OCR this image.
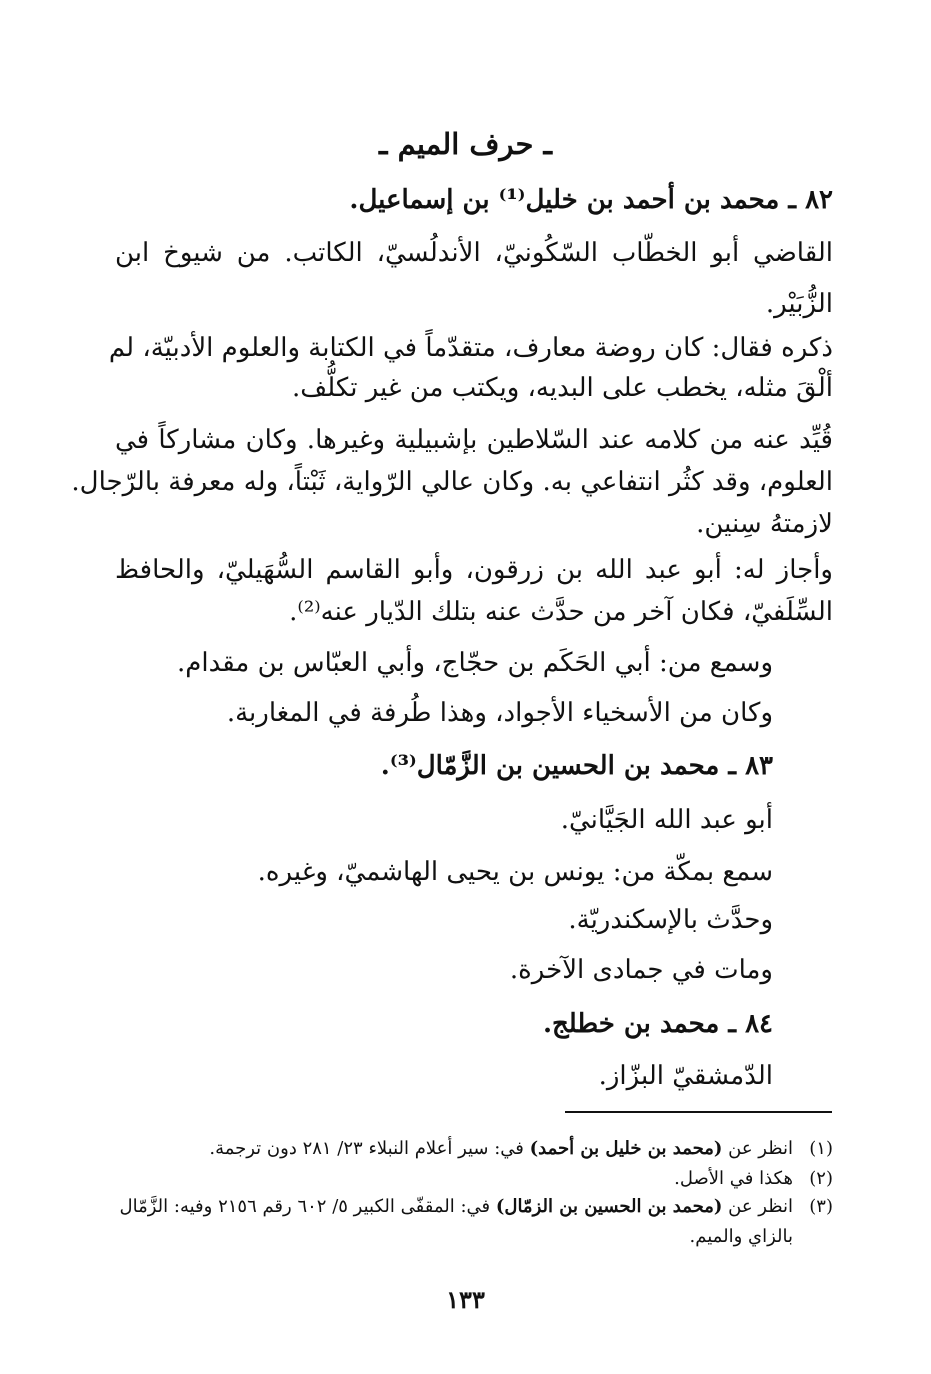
ـ حرف الميم ـ
٨٢ ـ محمد بن أحمد بن خليل⁽¹⁾ بن إسماعيل.
القاضي أبو الخطّاب السّكُونيّ، الأندلُسيّ، الكاتب. من شيوخ ابن
الزُّبَيْر.
ذكره فقال: كان روضة معارف، متقدّماً في الكتابة والعلوم الأدبيّة، لم
ألْقَ مثله، يخطب على البديه، ويكتب من غير تكلُّف.
قُيِّد عنه من كلامه عند السّلاطين بإشبيلية وغيرها. وكان مشاركاً في
العلوم، وقد كثُر انتفاعي به. وكان عالي الرّواية، ثَبْتاً، وله معرفة بالرّجال.
لازمتهُ سِنين.
وأجاز له: أبو عبد الله بن زرقون، وأبو القاسم السُّهَيليّ، والحافظ
السِّلَفيّ، فكان آخر من حدَّث عنه بتلك الدّيار عنه⁽²⁾.
وسمع من: أبي الحَكَم بن حجّاج، وأبي العبّاس بن مقدام.
وكان من الأسخياء الأجواد، وهذا طُرفة في المغاربة.
٨٣ ـ محمد بن الحسين بن الزَّمّال⁽³⁾.
أبو عبد الله الجَيَّانيّ.
سمع بمكّة من: يونس بن يحيى الهاشميّ، وغيره.
وحدَّث بالإسكندريّة.
ومات في جمادى الآخرة.
٨٤ ـ محمد بن خطلج.
الدّمشقيّ البزّاز.
(١)انظر عن (محمد بن خليل بن أحمد) في: سير أعلام النبلاء ٢٣/ ٢٨١ دون ترجمة.
(٢)هكذا في الأصل.
(٣)انظر عن (محمد بن الحسين بن الزمّال) في: المقفّى الكبير ٥/ ٦٠٢ رقم ٢١٥٦ وفيه: الزَّمّال
بالزاي والميم.
١٣٣
